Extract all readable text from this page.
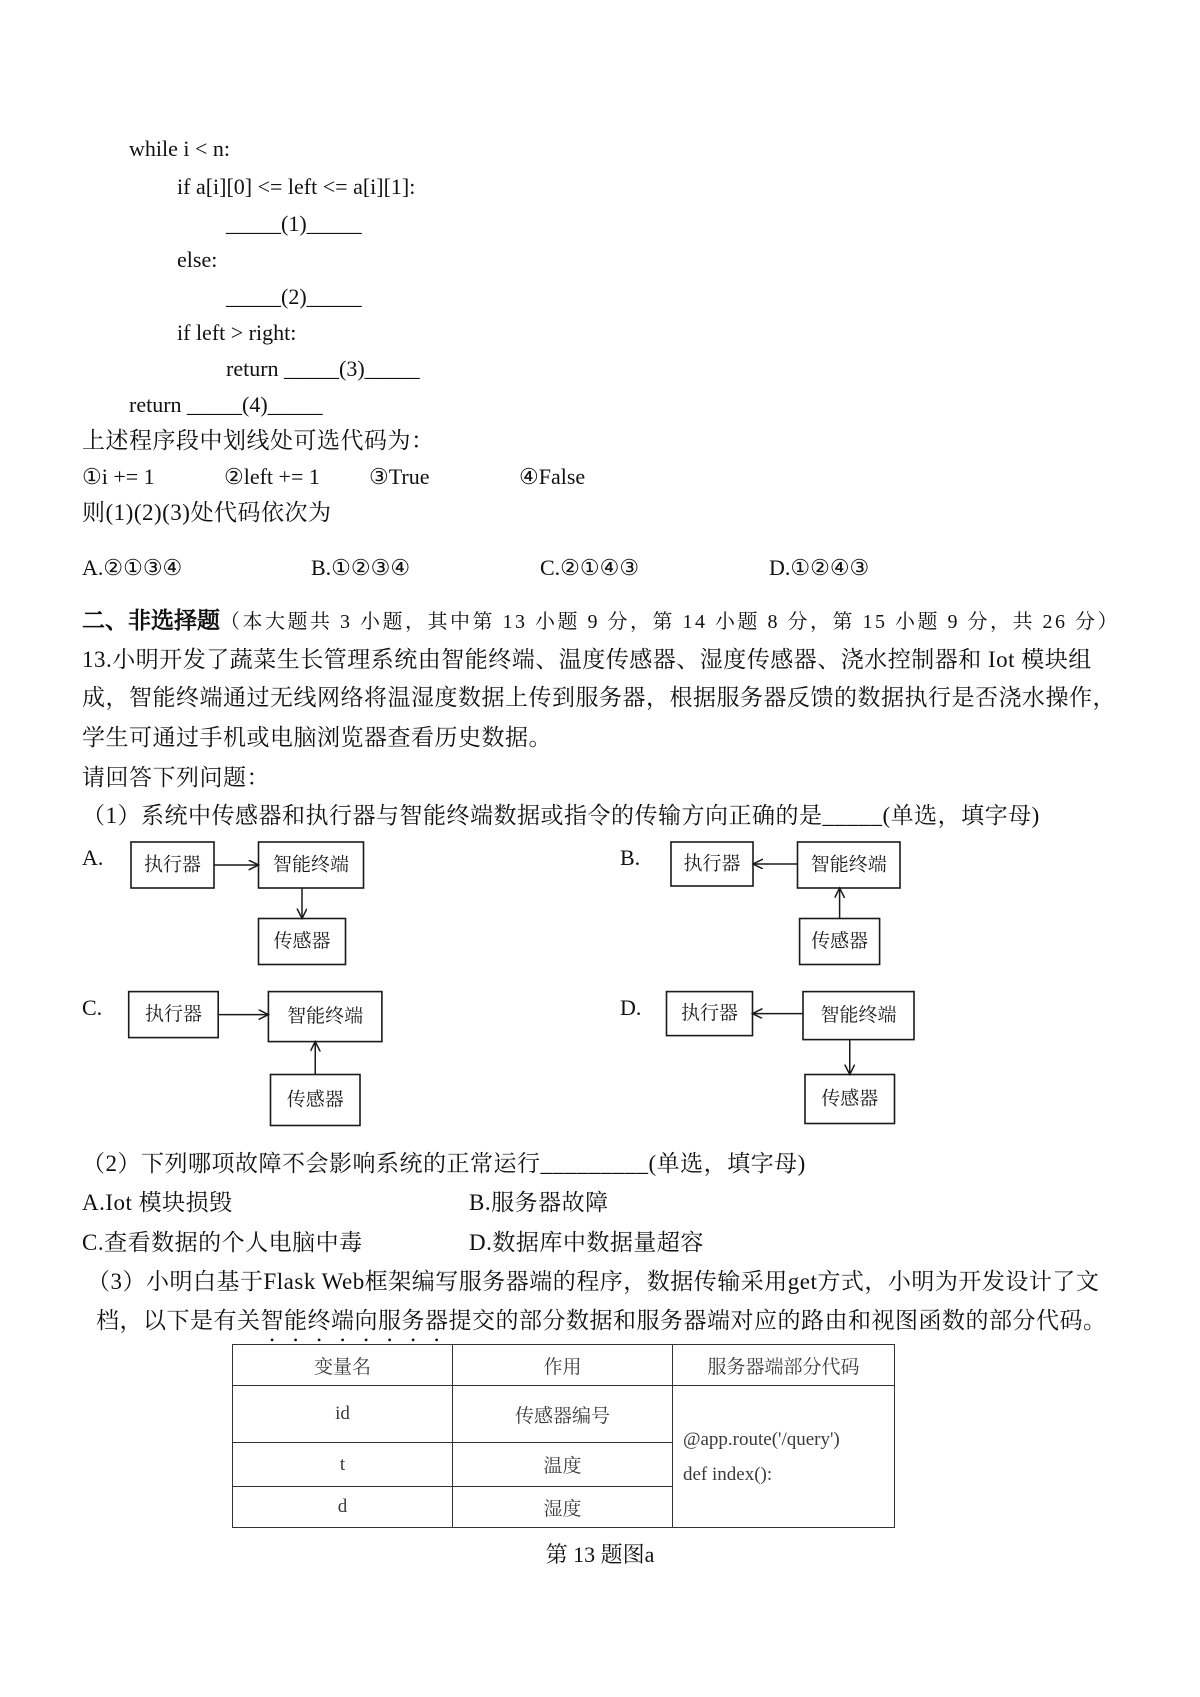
while i < n:
if a[i][0] <= left <= a[i][1]:
_____(1)_____
else:
_____(2)_____
if left > right:
return _____(3)_____
return _____(4)_____
上述程序段中划线处可选代码为：
①i += 1	②left += 1 ③True	④False
则(1)(2)(3)处代码依次为
A.②①③④	B.①②③④	C.②①④③	D.①②④③
二、非选择题（本大题共 3 小题，其中第 13 小题 9 分，第 14 小题 8 分，第 15 小题 9 分，共 26 分）
13.小明开发了蔬菜生长管理系统由智能终端、温度传感器、湿度传感器、浇水控制器和 Iot 模块组
成，智能终端通过无线网络将温湿度数据上传到服务器，根据服务器反馈的数据执行是否浇水操作，
学生可通过手机或电脑浏览器查看历史数据。
请回答下列问题：
（1）系统中传感器和执行器与智能终端数据或指令的传输方向正确的是_____(单选，填字母)
A.	B.
C.	D.
执行器	智能终端
传感器
执行器	智能终端
传感器
执行器	智能终端
传感器
执行器	智能终端
传感器
（2）下列哪项故障不会影响系统的正常运行_________(单选，填字母)
A.Iot 模块损毁	B.服务器故障
C.查看数据的个人电脑中毒	D.数据库中数据量超容
（3）小明白基于Flask Web框架编写服务器端的程序，数据传输采用get方式，小明为开发设计了文
档，以下是有关智能终端向服务器提交的部分数据和服务器端对应的路由和视图函数的部分代码。
变量名	作用	服务器端部分代码
id	传感器编号	@app.route('/query')
def index():

t	温度	
d	湿度	
第 13 题图a
